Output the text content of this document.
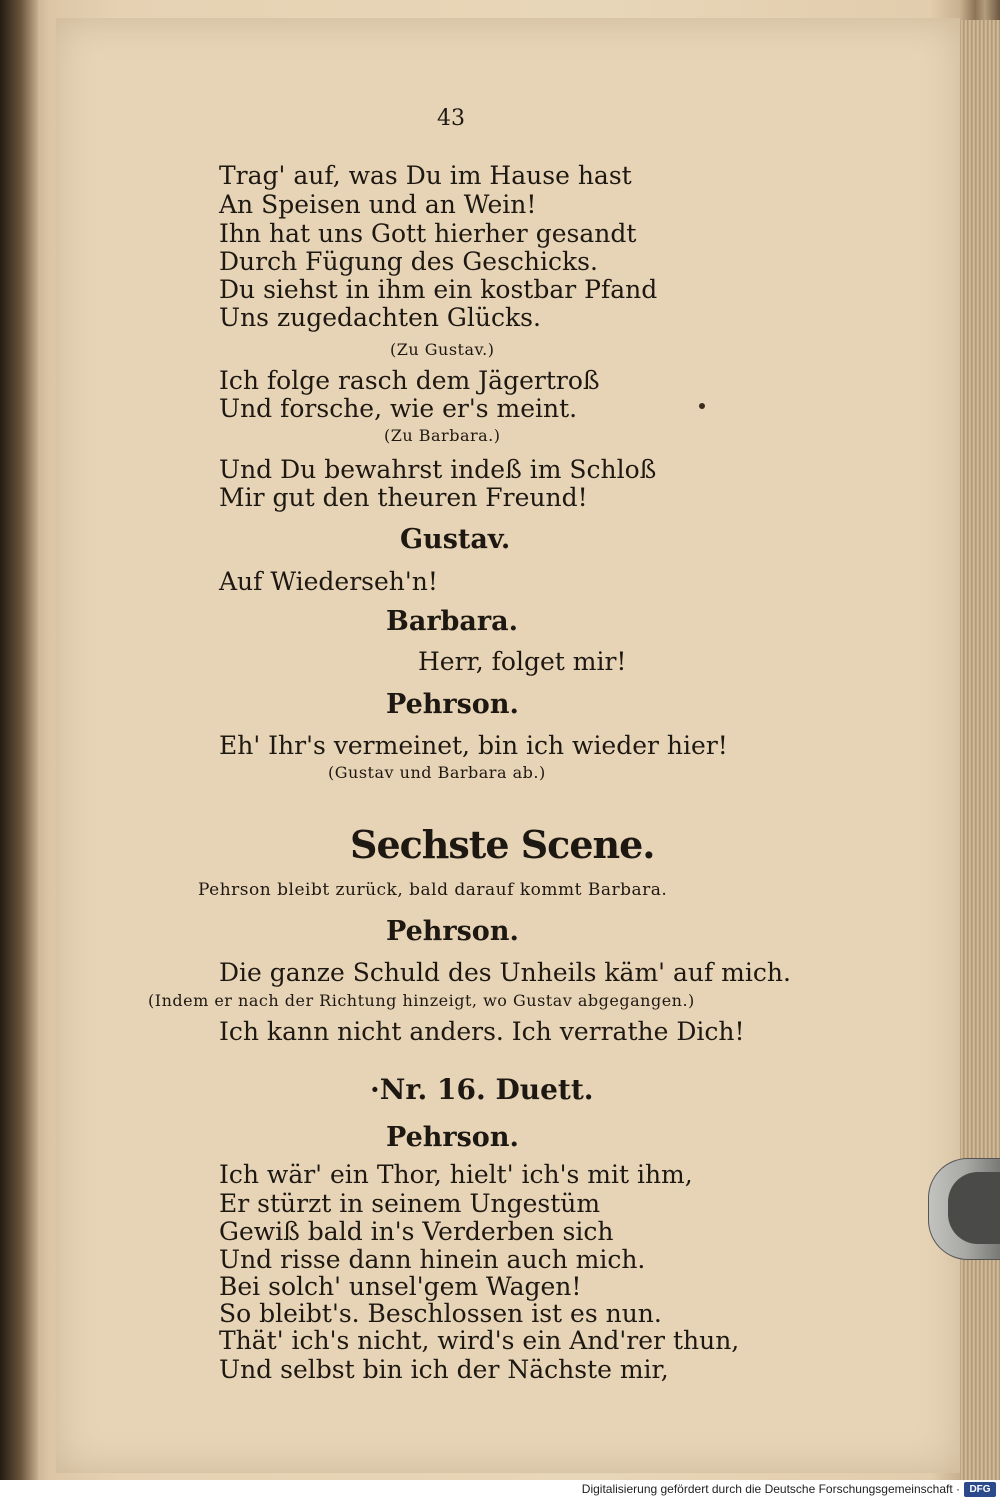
43
Trag' auf, was Du im Hause hast
An Speisen und an Wein!
Ihn hat uns Gott hierher gesandt
Durch Fügung des Geschicks.
Du siehst in ihm ein kostbar Pfand
Uns zugedachten Glücks.
(Zu Gustav.)
Ich folge rasch dem Jägertroß
Und forsche, wie er's meint.
(Zu Barbara.)
Und Du bewahrst indeß im Schloß
Mir gut den theuren Freund!
Gustav.
Auf Wiederseh'n!
Barbara.
Herr, folget mir!
Pehrson.
Eh' Ihr's vermeinet, bin ich wieder hier!
(Gustav und Barbara ab.)
Sechste Scene.
Pehrson bleibt zurück, bald darauf kommt Barbara.
Pehrson.
Die ganze Schuld des Unheils käm' auf mich.
(Indem er nach der Richtung hinzeigt, wo Gustav abgegangen.)
Ich kann nicht anders. Ich verrathe Dich!
·Nr. 16. Duett.
Pehrson.
Ich wär' ein Thor, hielt' ich's mit ihm,
Er stürzt in seinem Ungestüm
Gewiß bald in's Verderben sich
Und risse dann hinein auch mich.
Bei solch' unsel'gem Wagen!
So bleibt's. Beschlossen ist es nun.
Thät' ich's nicht, wird's ein And'rer thun,
Und selbst bin ich der Nächste mir,
Digitalisierung gefördert durch die Deutsche Forschungsgemeinschaft · DFG
